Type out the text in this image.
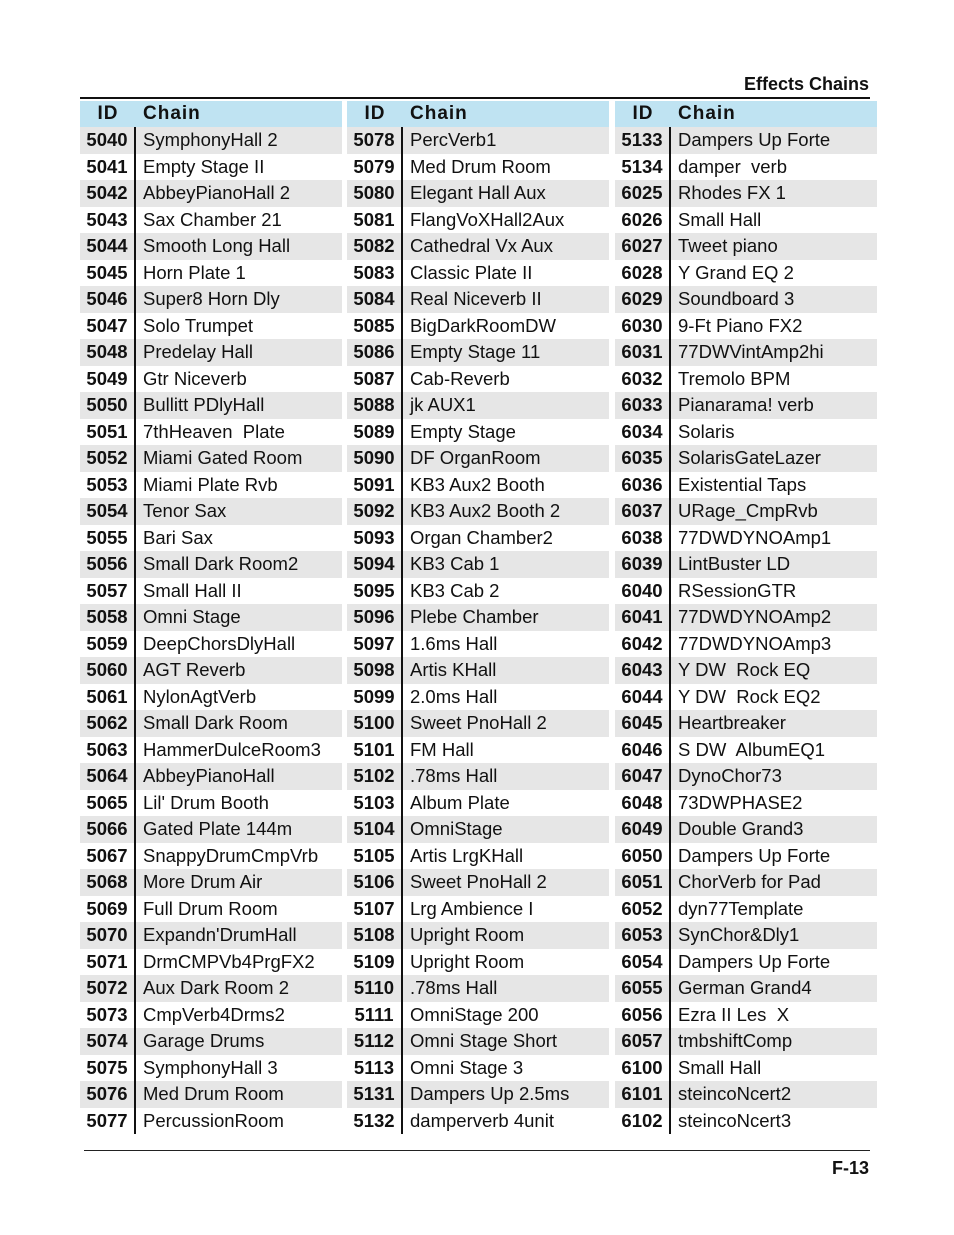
Effects Chains
ID	Chain
5040 SymphonyHall 2
5041 Empty Stage II
5042 AbbeyPianoHall 2
5043 Sax Chamber 21
5044 Smooth Long Hall
5045 Horn Plate 1
5046 Super8 Horn Dly
5047 Solo Trumpet
5048 Predelay Hall
5049 Gtr Niceverb
5050 Bullitt PDlyHall
5051 7thHeaven  Plate
5052 Miami Gated Room
5053 Miami Plate Rvb
5054 Tenor Sax
5055 Bari Sax
5056 Small Dark Room2
5057 Small Hall II
5058 Omni Stage
5059 DeepChorsDlyHall
5060 AGT Reverb
5061 NylonAgtVerb
5062 Small Dark Room
5063 HammerDulceRoom3
5064 AbbeyPianoHall
5065 Lil' Drum Booth
5066 Gated Plate 144m
5067 SnappyDrumCmpVrb
5068 More Drum Air
5069 Full Drum Room
5070 Expandn'DrumHall
5071 DrmCMPVb4PrgFX2
5072 Aux Dark Room 2
5073 CmpVerb4Drms2
5074 Garage Drums
5075 SymphonyHall 3
5076 Med Drum Room
5077 PercussionRoom
ID	Chain
5078 PercVerb1
5079 Med Drum Room
5080 Elegant Hall Aux
5081 FlangVoXHall2Aux
5082 Cathedral Vx Aux
5083 Classic Plate II
5084 Real Niceverb II
5085 BigDarkRoomDW
5086 Empty Stage 11
5087 Cab-Reverb
5088 jk AUX1
5089 Empty Stage
5090 DF OrganRoom
5091 KB3 Aux2 Booth
5092 KB3 Aux2 Booth 2
5093 Organ Chamber2
5094 KB3 Cab 1
5095 KB3 Cab 2
5096 Plebe Chamber
5097 1.6ms Hall
5098 Artis KHall
5099 2.0ms Hall
5100 Sweet PnoHall 2
5101 FM Hall
5102 .78ms Hall
5103 Album Plate
5104 OmniStage
5105 Artis LrgKHall
5106 Sweet PnoHall 2
5107 Lrg Ambience I
5108 Upright Room
5109 Upright Room
5110 .78ms Hall
5111 OmniStage 200
5112 Omni Stage Short
5113 Omni Stage 3
5131 Dampers Up 2.5ms
5132 damperverb 4unit
ID	Chain
5133 Dampers Up Forte
5134 damper  verb
6025 Rhodes FX 1
6026 Small Hall
6027 Tweet piano
6028 Y Grand EQ 2
6029 Soundboard 3
6030 9-Ft Piano FX2
6031 77DWVintAmp2hi
6032 Tremolo BPM
6033 Pianarama! verb
6034 Solaris
6035 SolarisGateLazer
6036 Existential Taps
6037 URage_CmpRvb
6038 77DWDYNOAmp1
6039 LintBuster LD
6040 RSessionGTR
6041 77DWDYNOAmp2
6042 77DWDYNOAmp3
6043 Y DW  Rock EQ
6044 Y DW  Rock EQ2
6045 Heartbreaker
6046 S DW  AlbumEQ1
6047 DynoChor73
6048 73DWPHASE2
6049 Double Grand3
6050 Dampers Up Forte
6051 ChorVerb for Pad
6052 dyn77Template
6053 SynChor&Dly1
6054 Dampers Up Forte
6055 German Grand4
6056 Ezra II Les  X
6057 tmbshiftComp
6100 Small Hall
6101 steincoNcert2
6102 steincoNcert3
F-13
